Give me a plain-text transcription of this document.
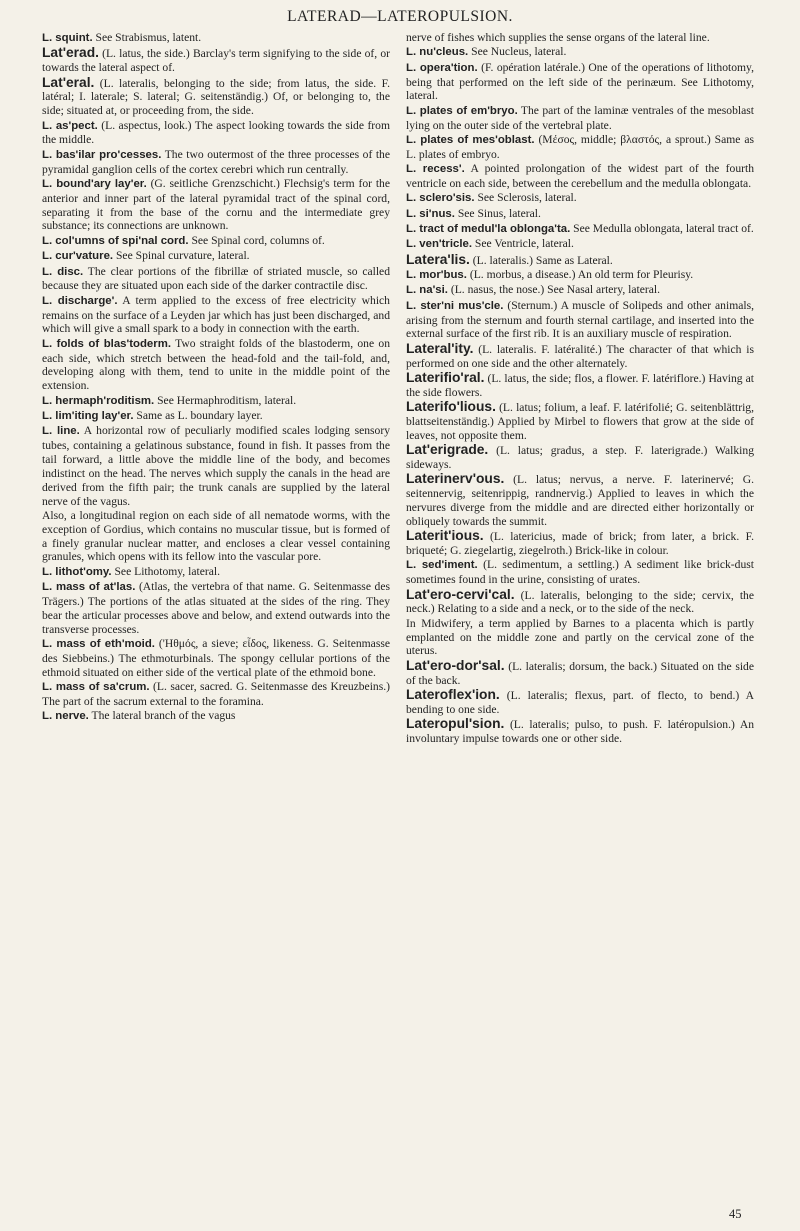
LATERAD—LATEROPULSION.

L. squint. See Strabismus, latent.

Lat'erad. (L. latus, the side.) Barclay's term signifying to the side of, or towards the lateral aspect of.

Lat'eral. (L. lateralis, belonging to the side; from latus, the side. F. latéral; I. laterale; S. lateral; G. seitenständig.) Of, or belonging to, the side; situated at, or proceeding from, the side.

L. as'pect. (L. aspectus, look.) The aspect looking towards the side from the middle.

L. bas'ilar pro'cesses. The two outermost of the three processes of the pyramidal ganglion cells of the cortex cerebri which run centrally.

L. bound'ary lay'er. (G. seitliche Grenzschicht.) Flechsig's term for the anterior and inner part of the lateral pyramidal tract of the spinal cord, separating it from the base of the cornu and the intermediate grey substance; its connections are unknown.

L. col'umns of spi'nal cord. See Spinal cord, columns of.

L. cur'vature. See Spinal curvature, lateral.

L. disc. The clear portions of the fibrillæ of striated muscle, so called because they are situated upon each side of the darker contractile disc.

L. discharge'. A term applied to the excess of free electricity which remains on the surface of a Leyden jar which has just been discharged, and which will give a small spark to a body in connection with the earth.

L. folds of blas'toderm. Two straight folds of the blastoderm, one on each side, which stretch between the head-fold and the tail-fold, and, developing along with them, tend to unite in the middle point of the extension.

L. hermaph'roditism. See Hermaphroditism, lateral.

L. lim'iting lay'er. Same as L. boundary layer.

L. line. A horizontal row of peculiarly modified scales lodging sensory tubes, containing a gelatinous substance, found in fish. It passes from the tail forward, a little above the middle line of the body, and becomes indistinct on the head. The nerves which supply the canals in the head are derived from the fifth pair; the trunk canals are supplied by the lateral nerve of the vagus.

Also, a longitudinal region on each side of all nematode worms, with the exception of Gordius, which contains no muscular tissue, but is formed of a finely granular nuclear matter, and encloses a clear vessel containing granules, which opens with its fellow into the vascular pore.

L. lithot'omy. See Lithotomy, lateral.

L. mass of at'las. (Atlas, the vertebra of that name. G. Seitenmasse des Trägers.) The portions of the atlas situated at the sides of the ring. They bear the articular processes above and below, and extend outwards into the transverse processes.

L. mass of eth'moid. ('Hθμός, a sieve; εἶδος, likeness. G. Seitenmasse des Siebbeins.) The ethmoturbinals. The spongy cellular portions of the ethmoid situated on either side of the vertical plate of the ethmoid bone.

L. mass of sa'crum. (L. sacer, sacred. G. Seitenmasse des Kreuzbeins.) The part of the sacrum external to the foramina.

L. nerve. The lateral branch of the vagus

nerve of fishes which supplies the sense organs of the lateral line.

L. nu'cleus. See Nucleus, lateral.

L. opera'tion. (F. opération latérale.) One of the operations of lithotomy, being that performed on the left side of the perinæum. See Lithotomy, lateral.

L. plates of em'bryo. The part of the laminæ ventrales of the mesoblast lying on the outer side of the vertebral plate.

L. plates of mes'oblast. (Μέσος, middle; βλαστός, a sprout.) Same as L. plates of embryo.

L. recess'. A pointed prolongation of the widest part of the fourth ventricle on each side, between the cerebellum and the medulla oblongata.

L. sclero'sis. See Sclerosis, lateral.

L. si'nus. See Sinus, lateral.

L. tract of medul'la oblonga'ta. See Medulla oblongata, lateral tract of.

L. ven'tricle. See Ventricle, lateral.

Latera'lis. (L. lateralis.) Same as Lateral.

L. mor'bus. (L. morbus, a disease.) An old term for Pleurisy.

L. na'si. (L. nasus, the nose.) See Nasal artery, lateral.

L. ster'ni mus'cle. (Sternum.) A muscle of Solipeds and other animals, arising from the sternum and fourth sternal cartilage, and inserted into the external surface of the first rib. It is an auxiliary muscle of respiration.

Lateral'ity. (L. lateralis. F. latéralité.) The character of that which is performed on one side and the other alternately.

Laterifio'ral. (L. latus, the side; flos, a flower. F. latériflore.) Having at the side flowers.

Laterifo'lious. (L. latus; folium, a leaf. F. latérifolié; G. seitenblättrig, blattseitenständig.) Applied by Mirbel to flowers that grow at the side of leaves, not opposite them.

Lat'erigrade. (L. latus; gradus, a step. F. laterigrade.) Walking sideways.

Laterinerv'ous. (L. latus; nervus, a nerve. F. laterinervé; G. seitennervig, seitenrippig, randnervig.) Applied to leaves in which the nervures diverge from the middle and are directed either horizontally or obliquely towards the summit.

Laterit'ious. (L. latericius, made of brick; from later, a brick. F. briqueté; G. ziegelartig, ziegelroth.) Brick-like in colour.

L. sed'iment. (L. sedimentum, a settling.) A sediment like brick-dust sometimes found in the urine, consisting of urates.

Lat'ero-cervi'cal. (L. lateralis, belonging to the side; cervix, the neck.) Relating to a side and a neck, or to the side of the neck.

In Midwifery, a term applied by Barnes to a placenta which is partly emplanted on the middle zone and partly on the cervical zone of the uterus.

Lat'ero-dor'sal. (L. lateralis; dorsum, the back.) Situated on the side of the back.

Lateroflex'ion. (L. lateralis; flexus, part. of flecto, to bend.) A bending to one side.

Lateropul'sion. (L. lateralis; pulso, to push. F. latéropulsion.) An involuntary impulse towards one or other side.

45
